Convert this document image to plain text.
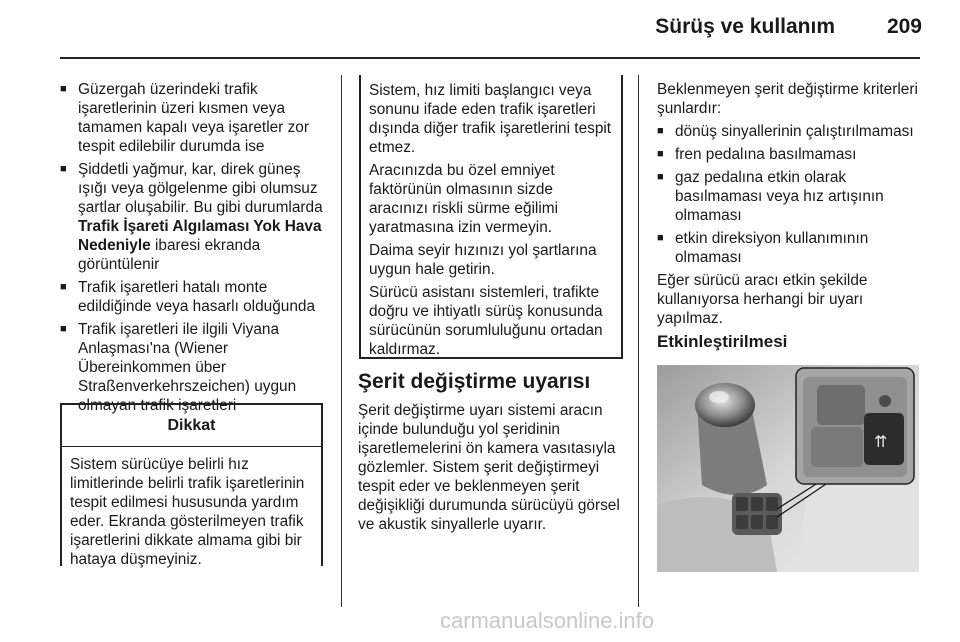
Sürüş ve kullanım 209
■ Güzergah üzerindeki trafik işaretlerinin üzeri kısmen veya tamamen kapalı veya işaretler zor tespit edilebilir durumda ise
■ Şiddetli yağmur, kar, direk güneş ışığı veya gölgelenme gibi olumsuz şartlar oluşabilir. Bu gibi durumlarda Trafik İşareti Algılaması Yok Hava Nedeniyle ibaresi ekranda görüntülenir
■ Trafik işaretleri hatalı monte edildiğinde veya hasarlı olduğunda
■ Trafik işaretleri ile ilgili Viyana Anlaşması'na (Wiener Übereinkommen über Straßenverkehrszeichen) uygun olmayan trafik işaretleri
Dikkat
Sistem sürücüye belirli hız limitlerinde belirli trafik işaretlerinin tespit edilmesi hususunda yardım eder. Ekranda gösterilmeyen trafik işaretlerini dikkate almama gibi bir hataya düşmeyiniz.

Sistem, hız limiti başlangıcı veya sonunu ifade eden trafik işaretleri dışında diğer trafik işaretlerini tespit etmez.

Aracınızda bu özel emniyet faktörünün olmasının sizde aracınızı riskli sürme eğilimi yaratmasına izin vermeyin.

Daima seyir hızınızı yol şartlarına uygun hale getirin.

Sürücü asistanı sistemleri, trafikte doğru ve ihtiyatlı sürüş konusunda sürücünün sorumluluğunu ortadan kaldırmaz.

Şerit değiştirme uyarısı
Şerit değiştirme uyarı sistemi aracın içinde bulunduğu yol şeridinin işaretlemelerini ön kamera vasıtasıyla gözlemler. Sistem şerit değiştirmeyi tespit eder ve beklenmeyen şerit değişikliği durumunda sürücüyü görsel ve akustik sinyallerle uyarır.

Beklenmeyen şerit değiştirme kriterleri şunlardır:

■ dönüş sinyallerinin çalıştırılmaması
■ fren pedalına basılmaması
■ gaz pedalına etkin olarak basılmaması veya hız artışının olmaması
■ etkin direksiyon kullanımının olmaması

Eğer sürücü aracı etkin şekilde kullanıyorsa herhangi bir uyarı yapılmaz.

Etkinleştirilmesi
⇈
carmanualsonline.info
